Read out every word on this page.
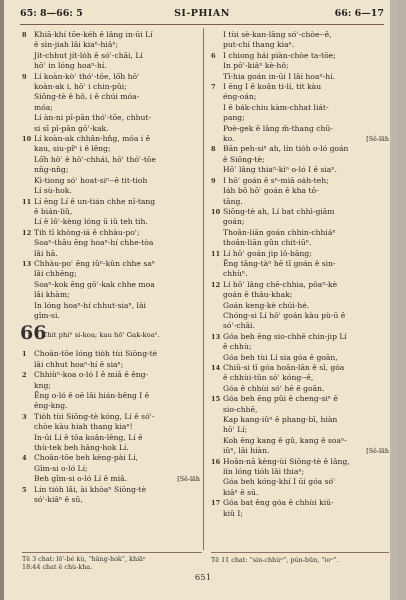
65: 8—66: 5	SI-PHIAN	66: 6—17
8 Khiā-khí tōe-kéh ê lâng in-ūi Lí
ê sìn-jiah lâi kiaⁿ-hiâⁿ;
Jít-chhut jít-lo̍h ê sóʿ-chāi, Lí
hōʿ in lóng hoaⁿ-hí.
9 Lí koàn-kòʿ thóʿ-tōe, lō͘h hōʿ
koàn-ak i, hōʿ i chin-pûi;
Siōng-tè ê hô, i ê chúi móa-
móa;
Lí àn-ni pī-pān thóʿ-tōe, chhut-
si sī pī-pān gōʿ-kak.
10 Lí koàn-ak chhân-hn̂g, móa i ê
kau, siu-pîⁿ i ê lêng;
Lō͘h hōʿ ê hōʿ-chhái, hōʿ thóʿ-tōe
nn̄g-nn̄g;
Kì-tiong sóʿ hoat-siⁿ--ê tit-tioh
Lí sù-hok.
11 Lí ēng Lí ê un-tián chhe nî-tang
ê bián-liû,
Lí ê lōʿ-kèng lóng ū iû teh tih.
12 Tih tī khòng-iá ê chhàu-poʿ;
Soaⁿ-thâu ēng hoaⁿ-hí chhe-tòa
lâi hā.
13 Chhàu-poʿ ēng iûⁿ-kûn chhe saⁿ
lâi chhēng;
Soaⁿ-kok ēng gōʿ-kak chhe moa
lâi khàm;
In lóng hoaⁿ-hí chhut-siaⁿ, lâi
gîm-si.
66
Chit phiⁿ si-koa; kau hōʿ Gak-koaⁿ.
1 Choân-tōe lóng tio̍h tùi Siōng-tè
lâi chhut hoaⁿ-hí ê siaⁿ;
2 Chhiùⁿ-koa o-ló I ê miâ ê êng-
kng;
Ēng o-ló ê oē lâi hián-bêng I ê
êng-kng.
3 Tio̍h tùi Siōng-tè kóng, Lí ê sóʿ-
chòe kàu hiah thang kiaⁿ!
In-ūi Lí ê tōa koân-lêng, Lí ê
thù-tek beh hāng-hok Lí.
4 Choân-tōe beh kèng-pài Lí,
Gîm-si o-ló Lí;
Beh gîm-si o-ló Lí ê miâ.	[Sê-lāh
5 Lín tio̍h lâi, ài khòaⁿ Siōng-tè
sóʿ-kiâⁿ ê sū,
I tùi sè-kan-lâng sóʿ-chòe--ê,
put-chí thang kiaⁿ.
6 I chiong hái piàn-chòe ta-tōe;
In pōʿ-kiâⁿ kè-hô;
Tī-hia goán in-ūi I lâi hoaⁿ-hí.
7 I ēng I ê koân ti-lí, tit kàu
éng-oán;
I ê bák-chiu kàm-chhat liát-
pang;
Poè-gek ê lâng m̄-thang chū-
ko.	[Sê-lāh
8 Bān peh-siⁿ ah, lín tio̍h o-ló goán
ê Siōng-tè;
Hōʿ lâng thiaⁿ-kìⁿ o-ló I ê siaⁿ.
9 I hōʿ goán ê sⁿ-miā oa̍h-teh;
Iáh bô hōʿ goán ê kha tô-
tāng.
10 Siōng-tè ah, Lí bat chhì-giām
goán;
Thoân-liān goán chhin-chhiáⁿ
thoân-liān gûn chit-iūⁿ.
11 Lí hōʿ goán jip lô-bāng;
Ēng tāng-tàⁿ hē tī goán ê sin-
chhùⁿ.
12 Lí hōʿ lâng chē-chhia, pôaⁿ-kè
goán ê thâu-khak;
Goán keng-kè chúi-hé.
Chóng-si Lí hōʿ goán kàu pù-ū ê
sóʿ-chāi.
13 Góa beh ēng sio-chhē chin-jip Lí
ê chhù;
Góa beh tùi Lí sia góa ê goān,
14 Chiū-si tī góa hoân-lān ê sî, góa
ê chhùi-tûn sóʿ kóng--ê,
Góa ê chhùi sóʿ hē ê goān.
15 Góa beh ēng pûi ê cheng-siⁿ ê
sio-chhē,
Kap kang-iûⁿ ê phang-bī, hiàn
hōʿ Lí;
Koh ēng kang ê gû, kang ê soaⁿ-
iûⁿ, lâi hiàn.	[Sê-lāh
16 Hoân-nā kèng-ùi Siōng-tè ê lâng,
lín lóng tio̍h lâi thiaⁿ;
Góa beh kóng-khí I ūi góa sóʿ
kiâⁿ ê sū.
17 Góa bat ēng góa ê chhùi kiû-
kiû I;
Tē 3 chat: lōʿ-bé kù, “hāng-hok”, khiāⁿ
18:44 chat ê chù-kha.
Tē 11 chat: “sin-chhùⁿ”, pún-būn, “ioⁿ”.
651
